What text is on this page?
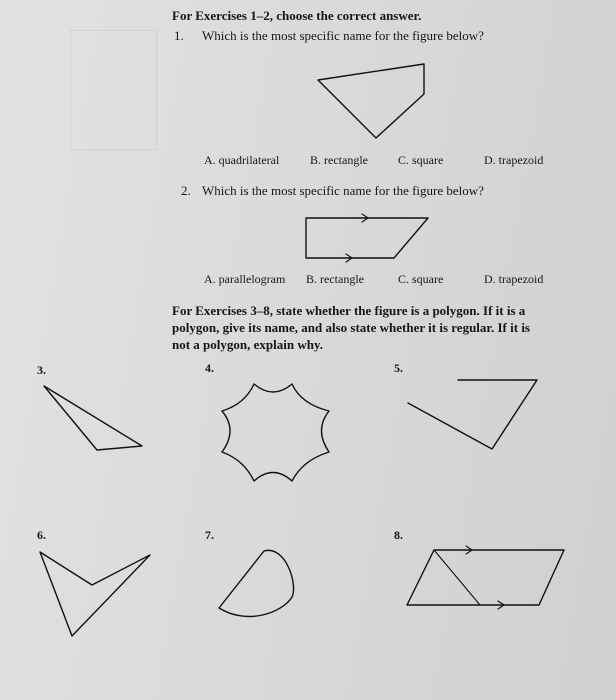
For Exercises 1–2, choose the correct answer.
1. Which is the most specific name for the figure below?
A. quadrilateral	B. rectangle	C. square	D. trapezoid
2. Which is the most specific name for the figure below?
A. parallelogram B. rectangle	C. square	D. trapezoid
For Exercises 3–8, state whether the figure is a polygon. If it is a
polygon, give its name, and also state whether it is regular. If it is
not a polygon, explain why.
3.	4.	5.
6.	7.	8.
